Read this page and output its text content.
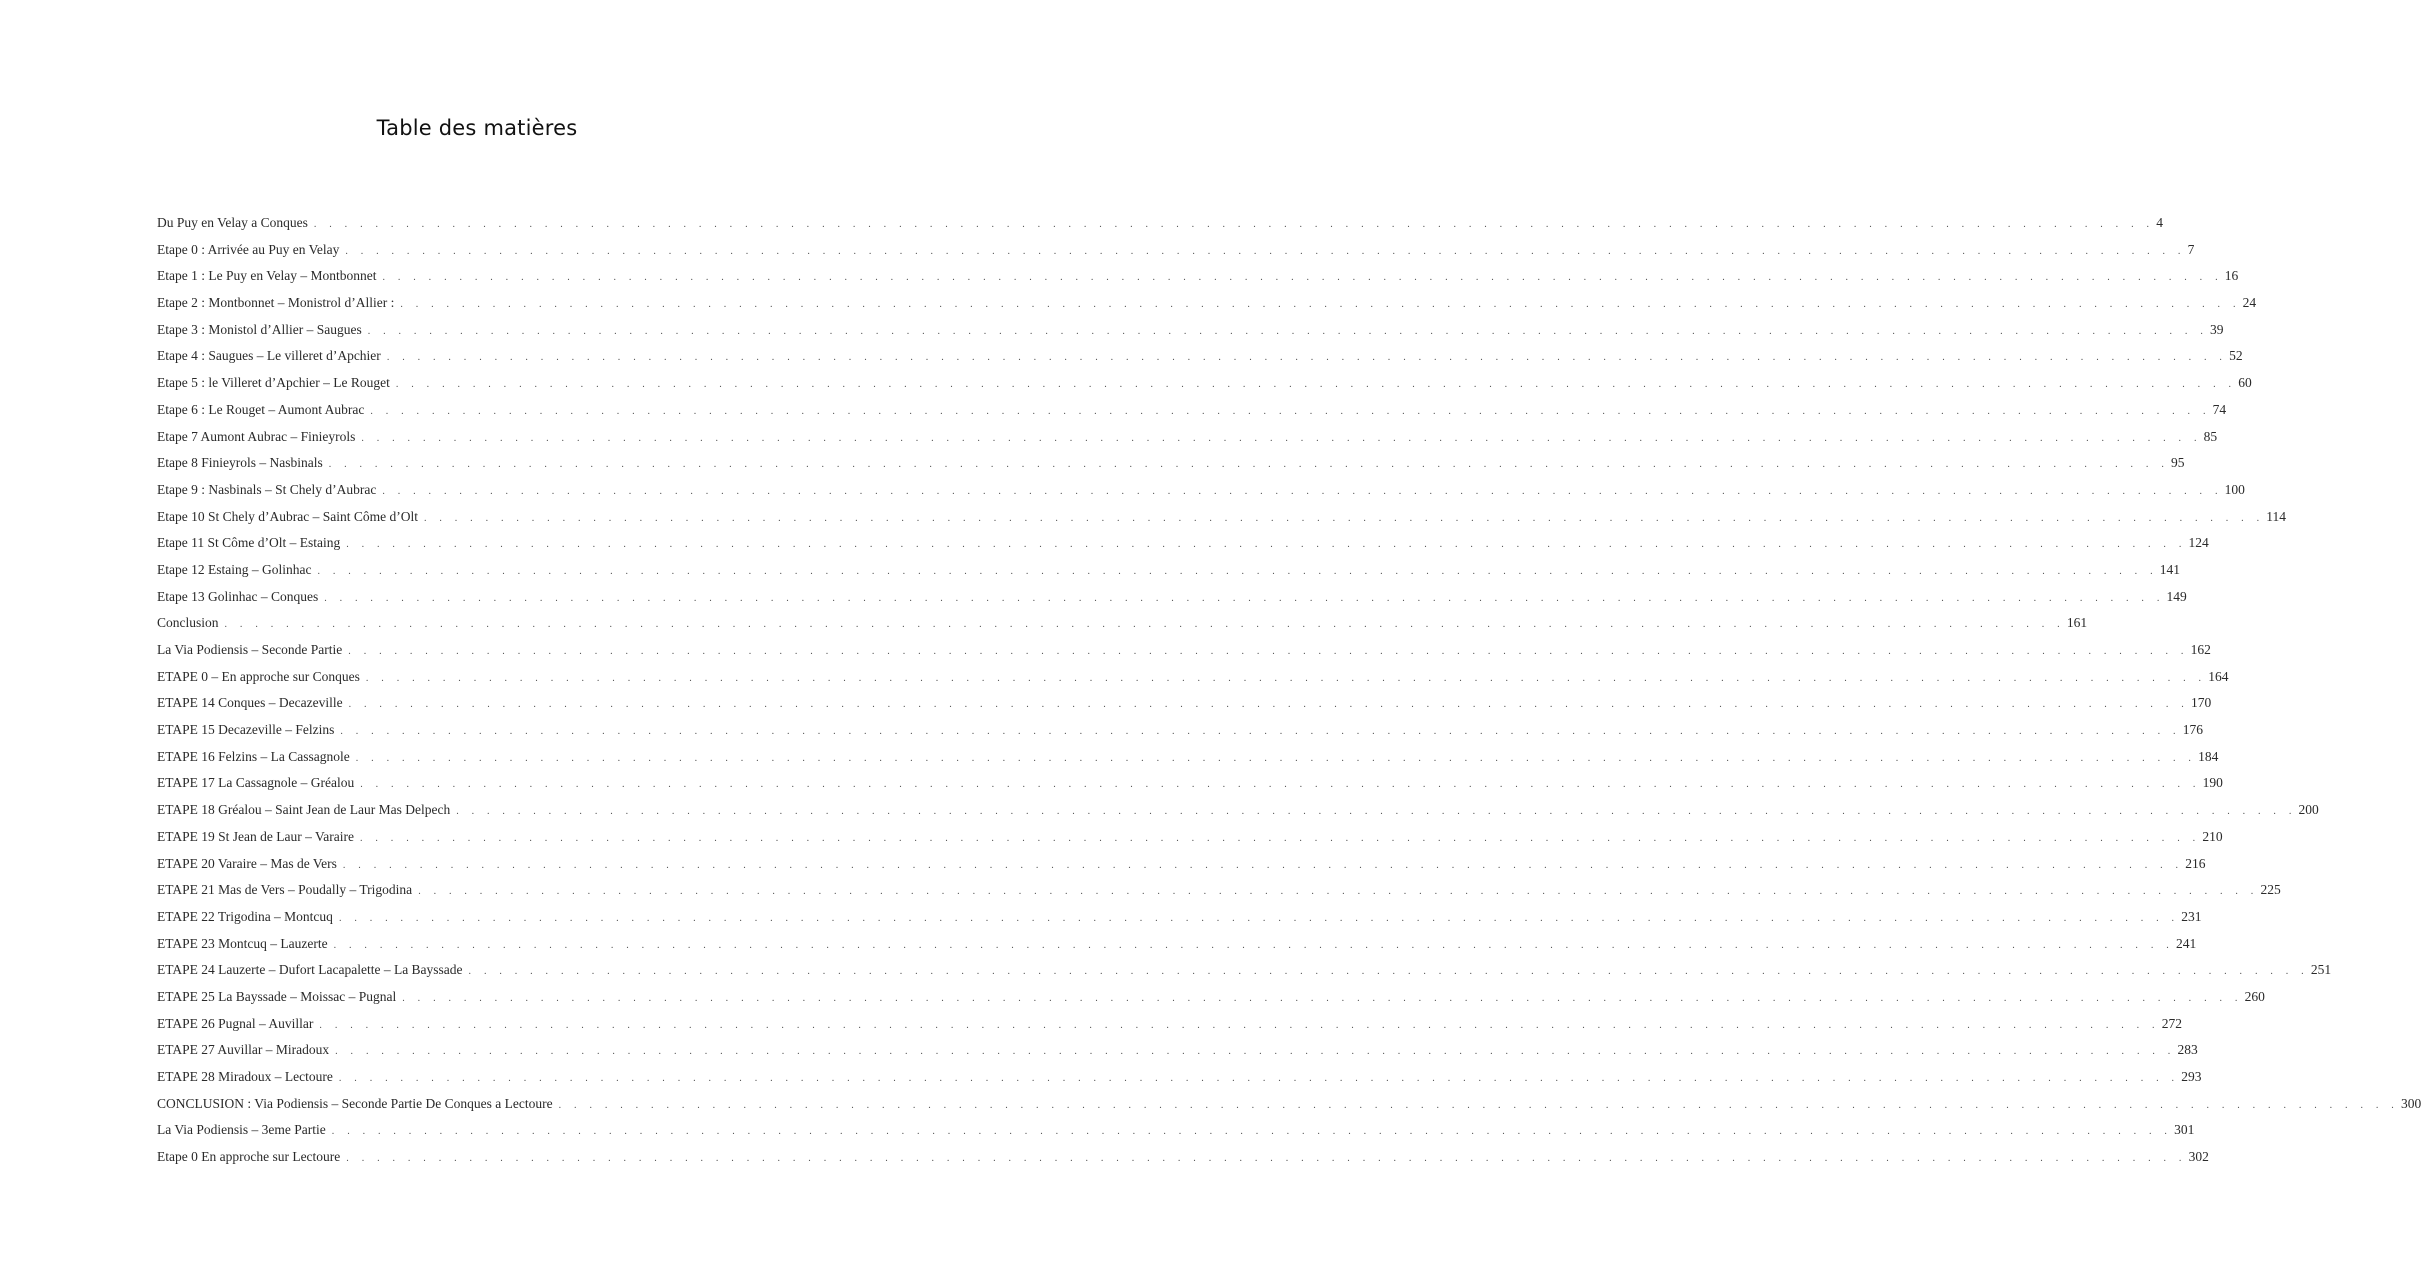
Table des matières
Du Puy en Velay a Conques . . . . . . . . . . . . . . . . . . . . . . . . . . . . . . . . . . . . . . . . . . . . . . . . . . . . . . . . . . . . . . . . . . . . . . . . . . . . . . . . . . . . . . . . . . . . . . . . . . . . . . . . . . . . . . . . . . . . . . . . 4
Etape 0 : Arrivée au Puy en Velay . . . . . . . . . . . . . . . . . . . . . . . . . . . . . . . . . . . . . . . . . . . . . . . . . . . . . . . . . . . . . . . . . . . . . . . . . . . . . . . . . . . . . . . . . . . . . . . . . . . . . . . . . . . . . . . . . . . . . . . . 7
Etape 1 : Le Puy en Velay – Montbonnet . . . . . . . . . . . . . . . . . . . . . . . . . . . . . . . . . . . . . . . . . . . . . . . . . . . . . . . . . . . . . . . . . . . . . . . . . . . . . . . . . . . . . . . . . . . . . . . . . . . . . . . . . . . . . . . . . . . . . . . . 16
Etape 2 : Montbonnet – Monistrol d’Allier : . . . . . . . . . . . . . . . . . . . . . . . . . . . . . . . . . . . . . . . . . . . . . . . . . . . . . . . . . . . . . . . . . . . . . . . . . . . . . . . . . . . . . . . . . . . . . . . . . . . . . . . . . . . . . . . . . . . . . . . . 24
Etape 3 : Monistol d’Allier – Saugues . . . . . . . . . . . . . . . . . . . . . . . . . . . . . . . . . . . . . . . . . . . . . . . . . . . . . . . . . . . . . . . . . . . . . . . . . . . . . . . . . . . . . . . . . . . . . . . . . . . . . . . . . . . . . . . . . . . . . . . . 39
Etape 4 : Saugues – Le villeret d’Apchier . . . . . . . . . . . . . . . . . . . . . . . . . . . . . . . . . . . . . . . . . . . . . . . . . . . . . . . . . . . . . . . . . . . . . . . . . . . . . . . . . . . . . . . . . . . . . . . . . . . . . . . . . . . . . . . . . . . . . . . . 52
Etape 5 : le Villeret d’Apchier – Le Rouget . . . . . . . . . . . . . . . . . . . . . . . . . . . . . . . . . . . . . . . . . . . . . . . . . . . . . . . . . . . . . . . . . . . . . . . . . . . . . . . . . . . . . . . . . . . . . . . . . . . . . . . . . . . . . . . . . . . . . . . . 60
Etape 6 : Le Rouget – Aumont Aubrac . . . . . . . . . . . . . . . . . . . . . . . . . . . . . . . . . . . . . . . . . . . . . . . . . . . . . . . . . . . . . . . . . . . . . . . . . . . . . . . . . . . . . . . . . . . . . . . . . . . . . . . . . . . . . . . . . . . . . . . . 74
Etape 7 Aumont Aubrac – Finieyrols . . . . . . . . . . . . . . . . . . . . . . . . . . . . . . . . . . . . . . . . . . . . . . . . . . . . . . . . . . . . . . . . . . . . . . . . . . . . . . . . . . . . . . . . . . . . . . . . . . . . . . . . . . . . . . . . . . . . . . . . 85
Etape 8 Finieyrols – Nasbinals . . . . . . . . . . . . . . . . . . . . . . . . . . . . . . . . . . . . . . . . . . . . . . . . . . . . . . . . . . . . . . . . . . . . . . . . . . . . . . . . . . . . . . . . . . . . . . . . . . . . . . . . . . . . . . . . . . . . . . . . 95
Etape 9 : Nasbinals – St Chely d’Aubrac . . . . . . . . . . . . . . . . . . . . . . . . . . . . . . . . . . . . . . . . . . . . . . . . . . . . . . . . . . . . . . . . . . . . . . . . . . . . . . . . . . . . . . . . . . . . . . . . . . . . . . . . . . . . . . . . . . . . . . . . 100
Etape 10 St Chely d’Aubrac – Saint Côme d’Olt . . . . . . . . . . . . . . . . . . . . . . . . . . . . . . . . . . . . . . . . . . . . . . . . . . . . . . . . . . . . . . . . . . . . . . . . . . . . . . . . . . . . . . . . . . . . . . . . . . . . . . . . . . . . . . . . . . . . . . . . 114
Etape 11 St Côme d’Olt – Estaing . . . . . . . . . . . . . . . . . . . . . . . . . . . . . . . . . . . . . . . . . . . . . . . . . . . . . . . . . . . . . . . . . . . . . . . . . . . . . . . . . . . . . . . . . . . . . . . . . . . . . . . . . . . . . . . . . . . . . . . . 124
Etape 12 Estaing – Golinhac . . . . . . . . . . . . . . . . . . . . . . . . . . . . . . . . . . . . . . . . . . . . . . . . . . . . . . . . . . . . . . . . . . . . . . . . . . . . . . . . . . . . . . . . . . . . . . . . . . . . . . . . . . . . . . . . . . . . . . . . 141
Etape 13 Golinhac – Conques . . . . . . . . . . . . . . . . . . . . . . . . . . . . . . . . . . . . . . . . . . . . . . . . . . . . . . . . . . . . . . . . . . . . . . . . . . . . . . . . . . . . . . . . . . . . . . . . . . . . . . . . . . . . . . . . . . . . . . . . 149
Conclusion . . . . . . . . . . . . . . . . . . . . . . . . . . . . . . . . . . . . . . . . . . . . . . . . . . . . . . . . . . . . . . . . . . . . . . . . . . . . . . . . . . . . . . . . . . . . . . . . . . . . . . . . . . . . . . . . . . . . . . . . 161
La Via Podiensis – Seconde Partie . . . . . . . . . . . . . . . . . . . . . . . . . . . . . . . . . . . . . . . . . . . . . . . . . . . . . . . . . . . . . . . . . . . . . . . . . . . . . . . . . . . . . . . . . . . . . . . . . . . . . . . . . . . . . . . . . . . . . . . . 162
ETAPE 0 – En approche sur Conques . . . . . . . . . . . . . . . . . . . . . . . . . . . . . . . . . . . . . . . . . . . . . . . . . . . . . . . . . . . . . . . . . . . . . . . . . . . . . . . . . . . . . . . . . . . . . . . . . . . . . . . . . . . . . . . . . . . . . . . . 164
ETAPE 14 Conques – Decazeville . . . . . . . . . . . . . . . . . . . . . . . . . . . . . . . . . . . . . . . . . . . . . . . . . . . . . . . . . . . . . . . . . . . . . . . . . . . . . . . . . . . . . . . . . . . . . . . . . . . . . . . . . . . . . . . . . . . . . . . . 170
ETAPE 15 Decazeville – Felzins . . . . . . . . . . . . . . . . . . . . . . . . . . . . . . . . . . . . . . . . . . . . . . . . . . . . . . . . . . . . . . . . . . . . . . . . . . . . . . . . . . . . . . . . . . . . . . . . . . . . . . . . . . . . . . . . . . . . . . . . 176
ETAPE 16 Felzins – La Cassagnole . . . . . . . . . . . . . . . . . . . . . . . . . . . . . . . . . . . . . . . . . . . . . . . . . . . . . . . . . . . . . . . . . . . . . . . . . . . . . . . . . . . . . . . . . . . . . . . . . . . . . . . . . . . . . . . . . . . . . . . . 184
ETAPE 17 La Cassagnole – Gréalou . . . . . . . . . . . . . . . . . . . . . . . . . . . . . . . . . . . . . . . . . . . . . . . . . . . . . . . . . . . . . . . . . . . . . . . . . . . . . . . . . . . . . . . . . . . . . . . . . . . . . . . . . . . . . . . . . . . . . . . . 190
ETAPE 18 Gréalou – Saint Jean de Laur Mas Delpech . . . . . . . . . . . . . . . . . . . . . . . . . . . . . . . . . . . . . . . . . . . . . . . . . . . . . . . . . . . . . . . . . . . . . . . . . . . . . . . . . . . . . . . . . . . . . . . . . . . . . . . . . . . . . . . . . . . . . . . . 200
ETAPE 19 St Jean de Laur – Varaire . . . . . . . . . . . . . . . . . . . . . . . . . . . . . . . . . . . . . . . . . . . . . . . . . . . . . . . . . . . . . . . . . . . . . . . . . . . . . . . . . . . . . . . . . . . . . . . . . . . . . . . . . . . . . . . . . . . . . . . . 210
ETAPE 20 Varaire – Mas de Vers . . . . . . . . . . . . . . . . . . . . . . . . . . . . . . . . . . . . . . . . . . . . . . . . . . . . . . . . . . . . . . . . . . . . . . . . . . . . . . . . . . . . . . . . . . . . . . . . . . . . . . . . . . . . . . . . . . . . . . . . 216
ETAPE 21 Mas de Vers – Poudally – Trigodina . . . . . . . . . . . . . . . . . . . . . . . . . . . . . . . . . . . . . . . . . . . . . . . . . . . . . . . . . . . . . . . . . . . . . . . . . . . . . . . . . . . . . . . . . . . . . . . . . . . . . . . . . . . . . . . . . . . . . . . . 225
ETAPE 22 Trigodina – Montcuq . . . . . . . . . . . . . . . . . . . . . . . . . . . . . . . . . . . . . . . . . . . . . . . . . . . . . . . . . . . . . . . . . . . . . . . . . . . . . . . . . . . . . . . . . . . . . . . . . . . . . . . . . . . . . . . . . . . . . . . . 231
ETAPE 23 Montcuq – Lauzerte . . . . . . . . . . . . . . . . . . . . . . . . . . . . . . . . . . . . . . . . . . . . . . . . . . . . . . . . . . . . . . . . . . . . . . . . . . . . . . . . . . . . . . . . . . . . . . . . . . . . . . . . . . . . . . . . . . . . . . . . 241
ETAPE 24 Lauzerte – Dufort Lacapalette – La Bayssade . . . . . . . . . . . . . . . . . . . . . . . . . . . . . . . . . . . . . . . . . . . . . . . . . . . . . . . . . . . . . . . . . . . . . . . . . . . . . . . . . . . . . . . . . . . . . . . . . . . . . . . . . . . . . . . . . . . . . . . . 251
ETAPE 25 La Bayssade – Moissac – Pugnal . . . . . . . . . . . . . . . . . . . . . . . . . . . . . . . . . . . . . . . . . . . . . . . . . . . . . . . . . . . . . . . . . . . . . . . . . . . . . . . . . . . . . . . . . . . . . . . . . . . . . . . . . . . . . . . . . . . . . . . . 260
ETAPE 26 Pugnal – Auvillar . . . . . . . . . . . . . . . . . . . . . . . . . . . . . . . . . . . . . . . . . . . . . . . . . . . . . . . . . . . . . . . . . . . . . . . . . . . . . . . . . . . . . . . . . . . . . . . . . . . . . . . . . . . . . . . . . . . . . . . . 272
ETAPE 27 Auvillar – Miradoux . . . . . . . . . . . . . . . . . . . . . . . . . . . . . . . . . . . . . . . . . . . . . . . . . . . . . . . . . . . . . . . . . . . . . . . . . . . . . . . . . . . . . . . . . . . . . . . . . . . . . . . . . . . . . . . . . . . . . . . . 283
ETAPE 28 Miradoux – Lectoure . . . . . . . . . . . . . . . . . . . . . . . . . . . . . . . . . . . . . . . . . . . . . . . . . . . . . . . . . . . . . . . . . . . . . . . . . . . . . . . . . . . . . . . . . . . . . . . . . . . . . . . . . . . . . . . . . . . . . . . . 293
CONCLUSION : Via Podiensis – Seconde Partie De Conques a Lectoure . . . . . . . . . . . . . . . . . . . . . . . . . . . . . . . . . . . . . . . . . . . . . . . . . . . . . . . . . . . . . . . . . . . . . . . . . . . . . . . . . . . . . . . . . . . . . . . . . . . . . . . . . . . . . . . . . . . . . . . . 300
La Via Podiensis – 3eme Partie . . . . . . . . . . . . . . . . . . . . . . . . . . . . . . . . . . . . . . . . . . . . . . . . . . . . . . . . . . . . . . . . . . . . . . . . . . . . . . . . . . . . . . . . . . . . . . . . . . . . . . . . . . . . . . . . . . . . . . . . 301
Etape 0 En approche sur Lectoure . . . . . . . . . . . . . . . . . . . . . . . . . . . . . . . . . . . . . . . . . . . . . . . . . . . . . . . . . . . . . . . . . . . . . . . . . . . . . . . . . . . . . . . . . . . . . . . . . . . . . . . . . . . . . . . . . . . . . . . . 302
